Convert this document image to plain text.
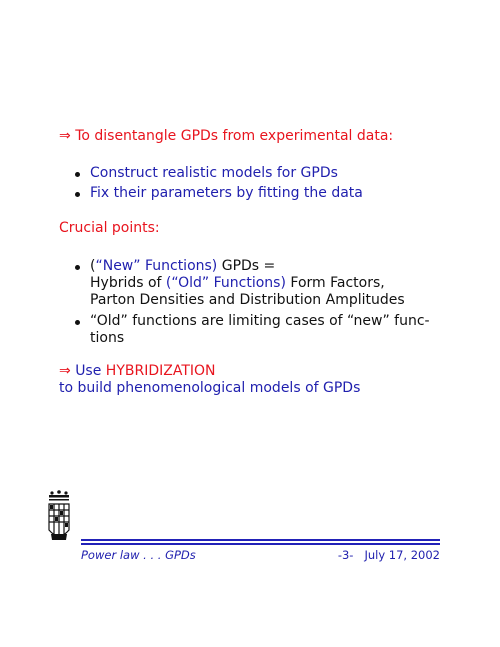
⇒ To disentangle GPDs from experimental data:
Construct realistic models for GPDs
Fix their parameters by fitting the data
Crucial points:
(“New” Functions) GPDs =
Hybrids of (“Old” Functions) Form Factors,
Parton Densities and Distribution Amplitudes
“Old” functions are limiting cases of “new” func-
tions
⇒ Use HYBRIDIZATION
to build phenomenological models of GPDs
Power law . . . GPDs	-3- July 17, 2002
